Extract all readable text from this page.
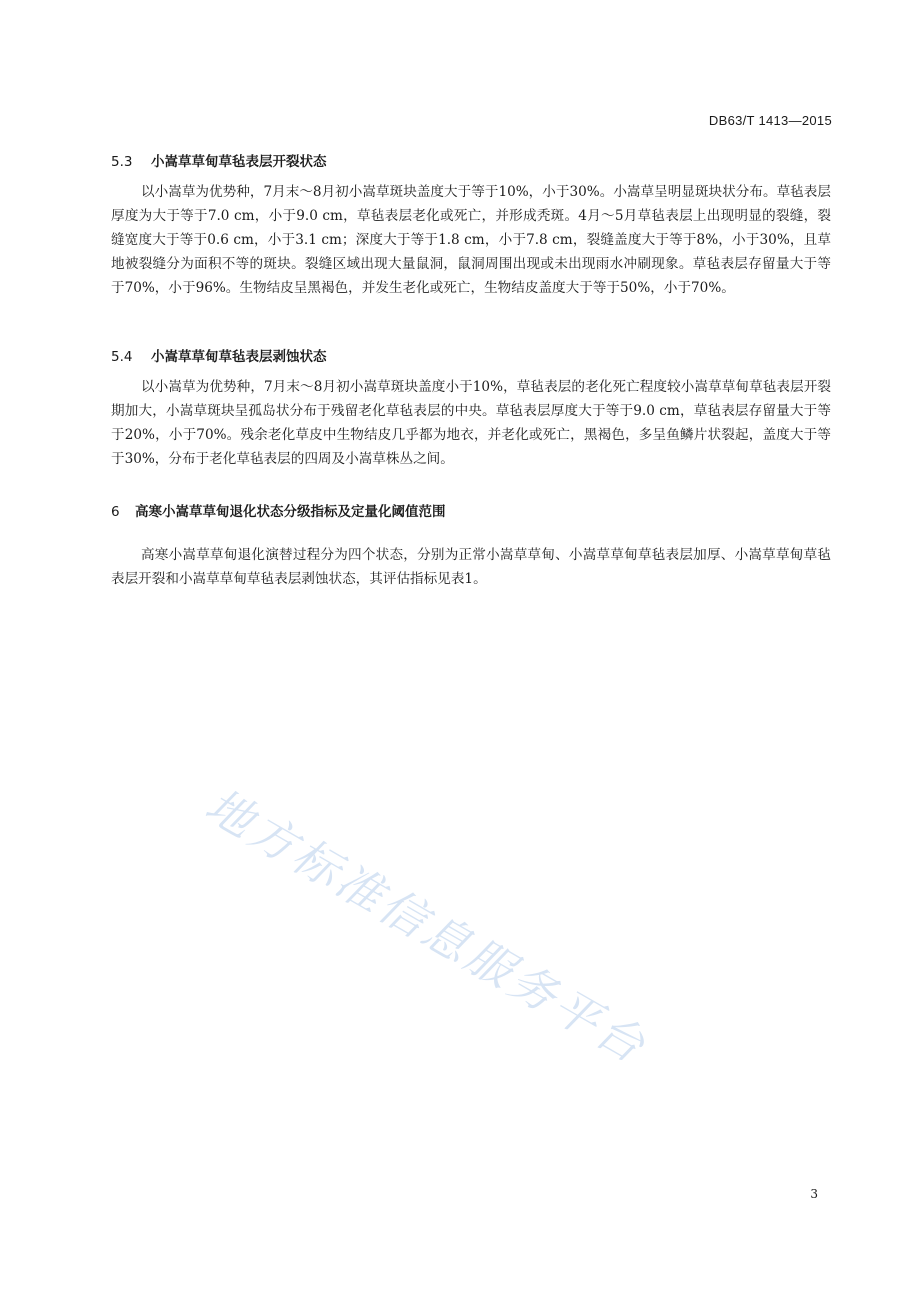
DB63/T 1413—2015
5.3 小嵩草草甸草毡表层开裂状态

以小嵩草为优势种，7月末～8月初小嵩草斑块盖度大于等于10%，小于30%。小嵩草呈明显斑块状分布。草毡表层厚度为大于等于7.0 cm，小于9.0 cm，草毡表层老化或死亡，并形成秃斑。4月～5月草毡表层上出现明显的裂缝，裂缝宽度大于等于0.6 cm，小于3.1 cm；深度大于等于1.8 cm，小于7.8 cm，裂缝盖度大于等于8%，小于30%，且草地被裂缝分为面积不等的斑块。裂缝区域出现大量鼠洞，鼠洞周围出现或未出现雨水冲刷现象。草毡表层存留量大于等于70%，小于96%。生物结皮呈黑褐色，并发生老化或死亡，生物结皮盖度大于等于50%，小于70%。

5.4 小嵩草草甸草毡表层剥蚀状态

以小嵩草为优势种，7月末～8月初小嵩草斑块盖度小于10%，草毡表层的老化死亡程度较小嵩草草甸草毡表层开裂期加大，小嵩草斑块呈孤岛状分布于残留老化草毡表层的中央。草毡表层厚度大于等于9.0 cm，草毡表层存留量大于等于20%，小于70%。残余老化草皮中生物结皮几乎都为地衣，并老化或死亡，黑褐色，多呈鱼鳞片状裂起，盖度大于等于30%，分布于老化草毡表层的四周及小嵩草株丛之间。

6 高寒小嵩草草甸退化状态分级指标及定量化阈值范围

高寒小嵩草草甸退化演替过程分为四个状态，分别为正常小嵩草草甸、小嵩草草甸草毡表层加厚、小嵩草草甸草毡表层开裂和小嵩草草甸草毡表层剥蚀状态，其评估指标见表1。

地方标准信息服务平台
3
